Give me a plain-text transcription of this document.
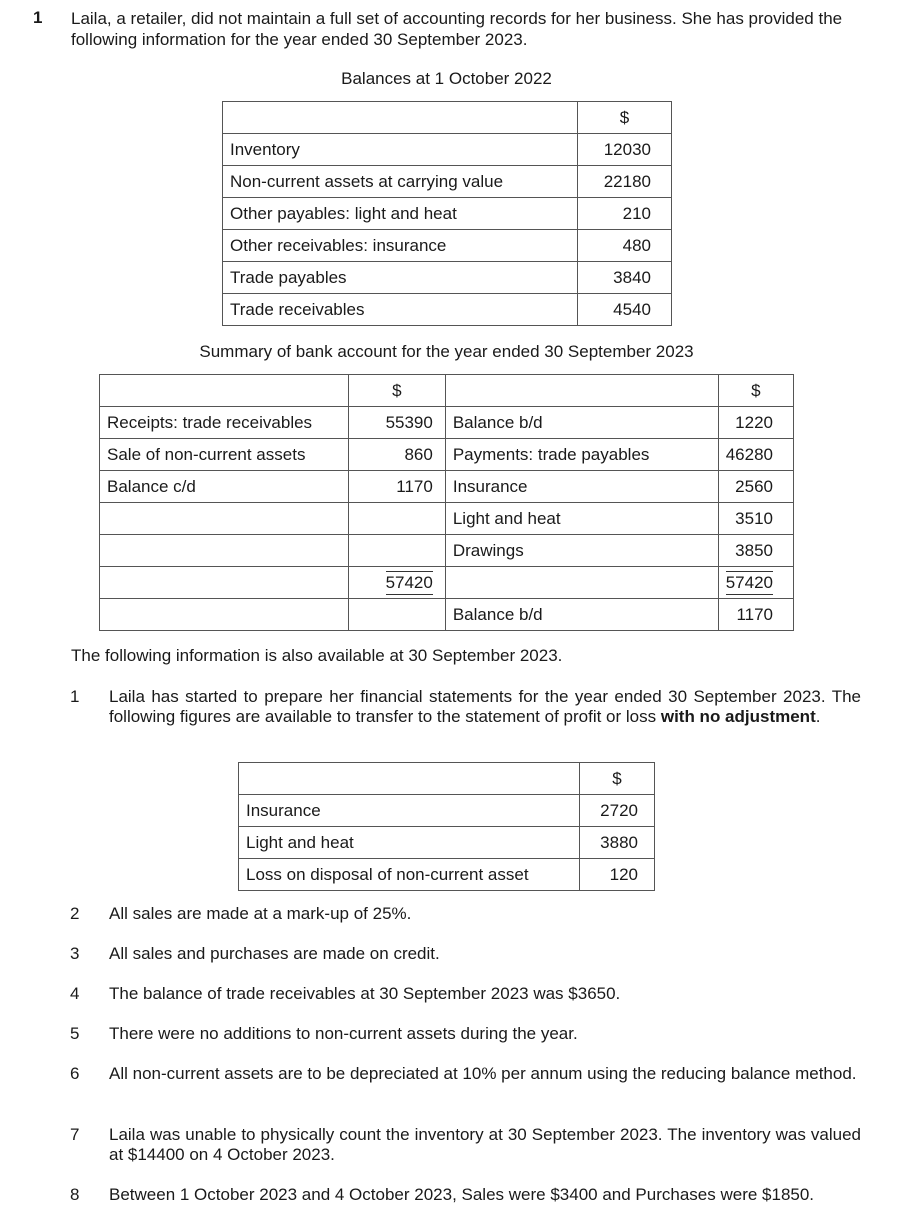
1 Laila, a retailer, did not maintain a full set of accounting records for her business. She has provided the following information for the year ended 30 September 2023.
Balances at 1 October 2022
	$
Inventory	12030
Non-current assets at carrying value	22180
Other payables: light and heat	210
Other receivables: insurance	480
Trade payables	3840
Trade receivables	4540
Summary of bank account for the year ended 30 September 2023
	$		$
Receipts: trade receivables	55390	Balance b/d	1220
Sale of non-current assets	860	Payments: trade payables	46280
Balance c/d	1170	Insurance	2560
		Light and heat	3510
		Drawings	3850
	57420		57420
		Balance b/d	1170
The following information is also available at 30 September 2023.
1 Laila has started to prepare her financial statements for the year ended 30 September 2023. The following figures are available to transfer to the statement of profit or loss with no adjustment.
	$
Insurance	2720
Light and heat	3880
Loss on disposal of non-current asset	120
2 All sales are made at a mark-up of 25%.
3 All sales and purchases are made on credit.
4 The balance of trade receivables at 30 September 2023 was $3650.
5 There were no additions to non-current assets during the year.
6 All non-current assets are to be depreciated at 10% per annum using the reducing balance method.
7 Laila was unable to physically count the inventory at 30 September 2023. The inventory was valued at $14400 on 4 October 2023.
8 Between 1 October 2023 and 4 October 2023, Sales were $3400 and Purchases were $1850.
